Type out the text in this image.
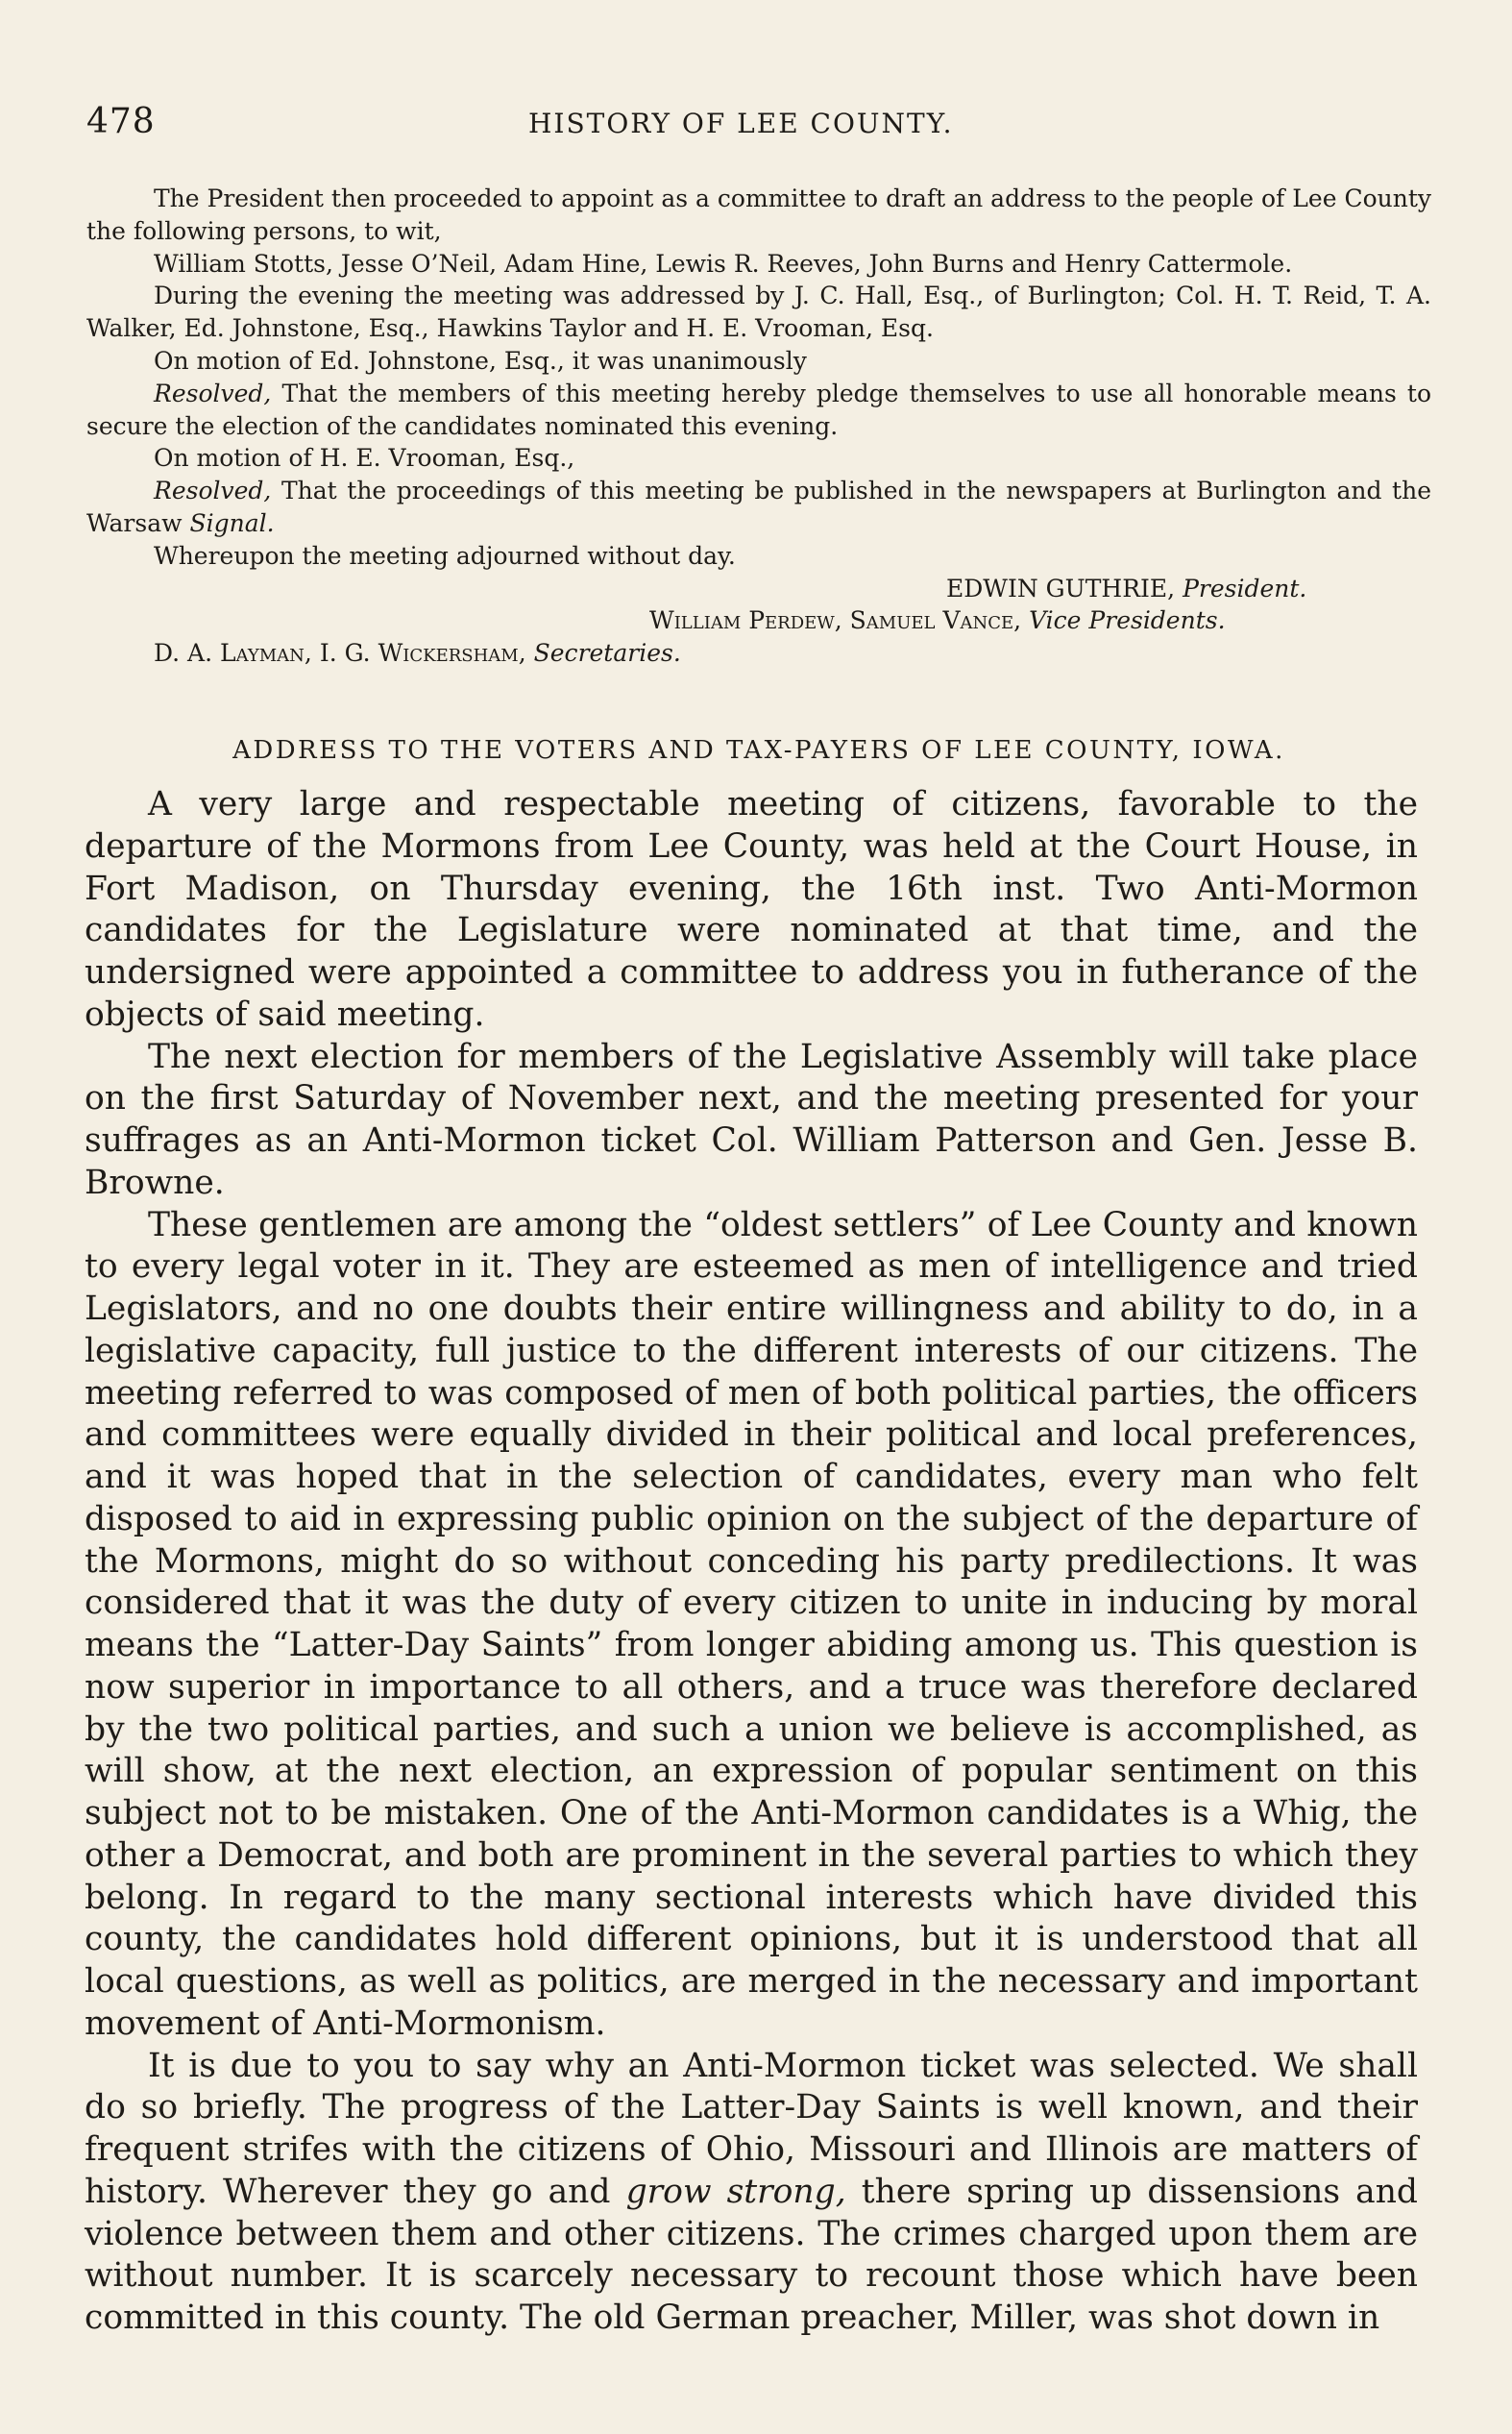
478	HISTORY OF LEE COUNTY.

The President then proceeded to appoint as a committee to draft an address to the people of Lee County the following persons, to wit,

William Stotts, Jesse O’Neil, Adam Hine, Lewis R. Reeves, John Burns and Henry Cattermole.

During the evening the meeting was addressed by J. C. Hall, Esq., of Burlington; Col. H. T. Reid, T. A. Walker, Ed. Johnstone, Esq., Hawkins Taylor and H. E. Vrooman, Esq.

On motion of Ed. Johnstone, Esq., it was unanimously

Resolved, That the members of this meeting hereby pledge themselves to use all honorable means to secure the election of the candidates nominated this evening.

On motion of H. E. Vrooman, Esq.,

Resolved, That the proceedings of this meeting be published in the newspapers at Burlington and the Warsaw Signal.

Whereupon the meeting adjourned without day.

EDWIN GUTHRIE, President.
William Perdew, Samuel Vance, Vice Presidents.
D. A. Layman, I. G. Wickersham, Secretaries.
ADDRESS TO THE VOTERS AND TAX-PAYERS OF LEE COUNTY, IOWA.

A very large and respectable meeting of citizens, favorable to the departure of the Mormons from Lee County, was held at the Court House, in Fort Madison, on Thursday evening, the 16th inst. Two Anti-Mormon candidates for the Legislature were nominated at that time, and the undersigned were appointed a committee to address you in futherance of the objects of said meeting.

The next election for members of the Legislative Assembly will take place on the first Saturday of November next, and the meeting presented for your suffrages as an Anti-Mormon ticket Col. William Patterson and Gen. Jesse B. Browne.

These gentlemen are among the “oldest settlers” of Lee County and known to every legal voter in it. They are esteemed as men of intelligence and tried Legislators, and no one doubts their entire willingness and ability to do, in a legislative capacity, full justice to the different interests of our citizens. The meeting referred to was composed of men of both political parties, the officers and committees were equally divided in their political and local preferences, and it was hoped that in the selection of candidates, every man who felt disposed to aid in expressing public opinion on the subject of the departure of the Mormons, might do so without conceding his party predilections. It was considered that it was the duty of every citizen to unite in inducing by moral means the “Latter-Day Saints” from longer abiding among us. This question is now superior in importance to all others, and a truce was therefore declared by the two political parties, and such a union we believe is accomplished, as will show, at the next election, an expression of popular sentiment on this subject not to be mistaken. One of the Anti-Mormon candidates is a Whig, the other a Democrat, and both are prominent in the several parties to which they belong. In regard to the many sectional interests which have divided this county, the candidates hold different opinions, but it is understood that all local questions, as well as politics, are merged in the necessary and important movement of Anti-Mormonism.

It is due to you to say why an Anti-Mormon ticket was selected. We shall do so briefly. The progress of the Latter-Day Saints is well known, and their frequent strifes with the citizens of Ohio, Missouri and Illinois are matters of history. Wherever they go and grow strong, there spring up dissensions and violence between them and other citizens. The crimes charged upon them are without number. It is scarcely necessary to recount those which have been committed in this county. The old German preacher, Miller, was shot down in
